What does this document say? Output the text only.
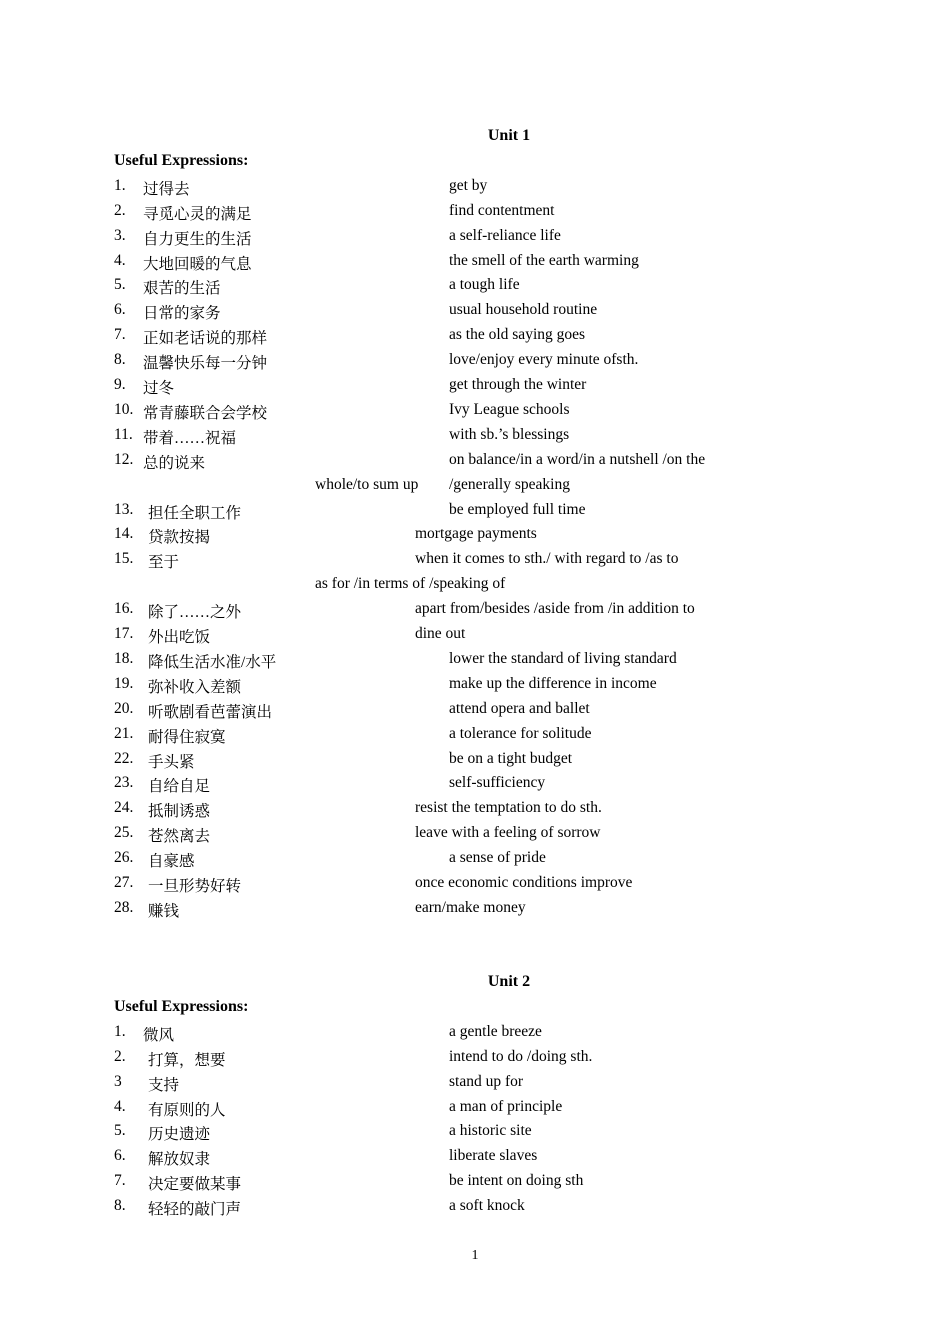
Unit 1
Useful Expressions:
1. 过得去	get by
2. 寻觅心灵的满足	find contentment
3. 自力更生的生活	a self-reliance life
4. 大地回暖的气息	the smell of the earth warming
5. 艰苦的生活	a tough life
6. 日常的家务	usual household routine
7. 正如老话说的那样	as the old saying goes
8. 温馨快乐每一分钟	love/enjoy every minute ofsth.
9. 过冬	get through the winter
10. 常青藤联合会学校	Ivy League schools
11. 带着……祝福	with sb.’s blessings
12. 总的说来	on balance/in a word/in a nutshell /on the
whole/to sum up /generally speaking
13. 担任全职工作	be employed full time
14. 贷款按揭	mortgage payments
15. 至于	when it comes to sth./ with regard to /as to
as for /in terms of /speaking of
16. 除了……之外	apart from/besides /aside from /in addition to
17. 外出吃饭	dine out
18. 降低生活水准/水平	lower the standard of living standard
19. 弥补收入差额	make up the difference in income
20. 听歌剧看芭蕾演出	attend opera and ballet
21. 耐得住寂寞	a tolerance for solitude
22. 手头紧	be on a tight budget
23. 自给自足	self-sufficiency
24. 抵制诱惑	resist the temptation to do sth.
25. 苍然离去	leave with a feeling of sorrow
26. 自豪感	a sense of pride
27. 一旦形势好转	once economic conditions improve
28. 赚钱	earn/make money
Unit 2
Useful Expressions:
1. 微风	a gentle breeze
2. 打算，想要	intend to do /doing sth.
3 支持	stand up for
4. 有原则的人	a man of principle
5. 历史遗迹	a historic site
6. 解放奴隶	liberate slaves
7. 决定要做某事	be intent on doing sth
8. 轻轻的敲门声	a soft knock
1
